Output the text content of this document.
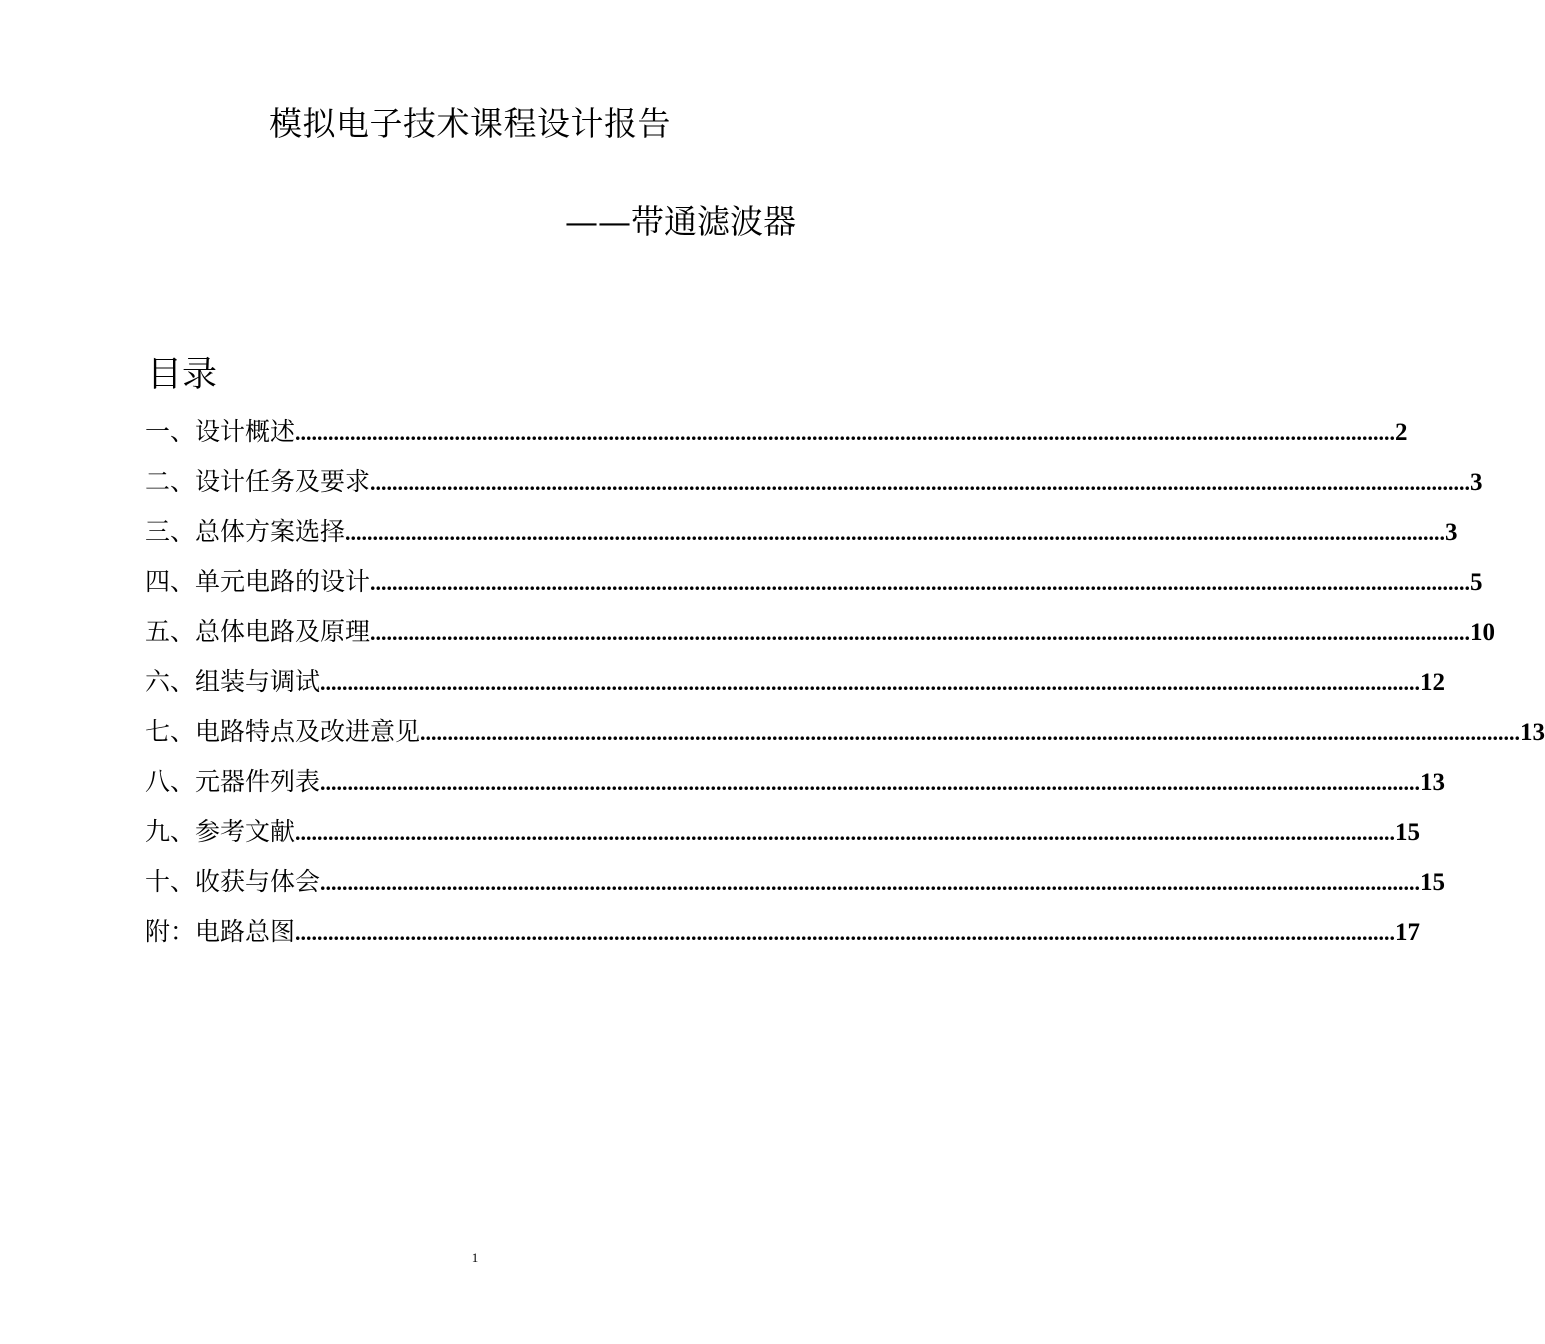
模拟电子技术课程设计报告
——带通滤波器
目录
一、设计概述 ........................................................................................................................................................................................................ 2
二、设计任务及要求 ........................................................................................................................................................................................................ 3
三、总体方案选择 ........................................................................................................................................................................................................ 3
四、单元电路的设计 ........................................................................................................................................................................................................ 5
五、总体电路及原理 ........................................................................................................................................................................................................ 10
六、组装与调试 ........................................................................................................................................................................................................ 12
七、电路特点及改进意见 ........................................................................................................................................................................................................ 13
八、元器件列表 ........................................................................................................................................................................................................ 13
九、参考文献 ........................................................................................................................................................................................................ 15
十、收获与体会 ........................................................................................................................................................................................................ 15
附：电路总图 ........................................................................................................................................................................................................ 17
1
